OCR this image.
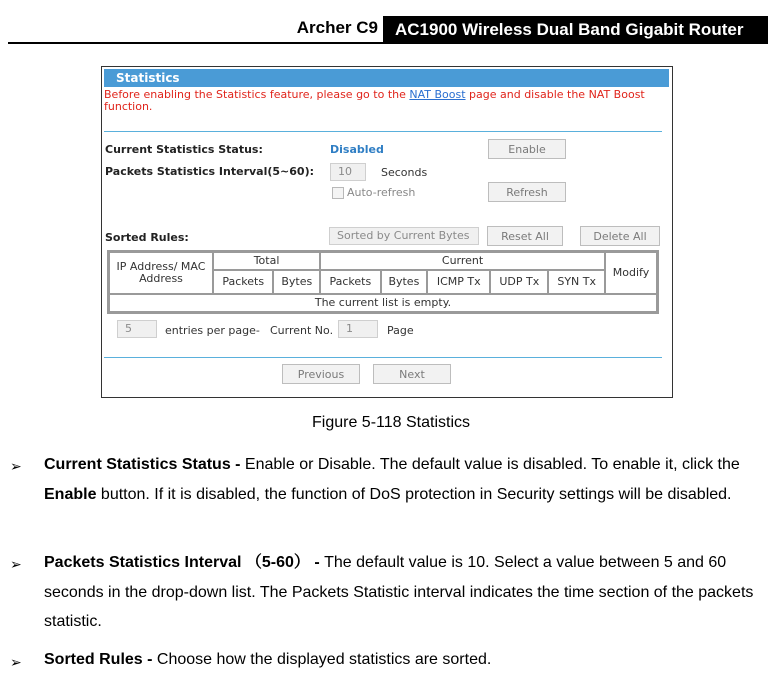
Archer C9	AC1900 Wireless Dual Band Gigabit Router
Statistics
Before enabling the Statistics feature, please go to the NAT Boost page and disable the NAT Boost function.
Current Statistics Status:	Disabled	Enable
Packets Statistics Interval(5~60):	10	Seconds
Auto-refresh	Refresh
Sorted Rules:	Sorted by Current Bytes	Reset All	Delete All
IP Address/ MAC Address	Total		Current					Modify
	Packets	Bytes	Packets	Bytes	ICMP Tx	UDP Tx	SYN Tx	
The current list is empty.								
5	entries per page- Current No.	1	Page
Previous	Next
Figure 5-118 Statistics
➢ Current Statistics Status - Enable or Disable. The default value is disabled. To enable it, click the Enable button. If it is disabled, the function of DoS protection in Security settings will be disabled.
➢ Packets Statistics Interval （5-60） - The default value is 10. Select a value between 5 and 60 seconds in the drop-down list. The Packets Statistic interval indicates the time section of the packets statistic.
➢ Sorted Rules - Choose how the displayed statistics are sorted.
